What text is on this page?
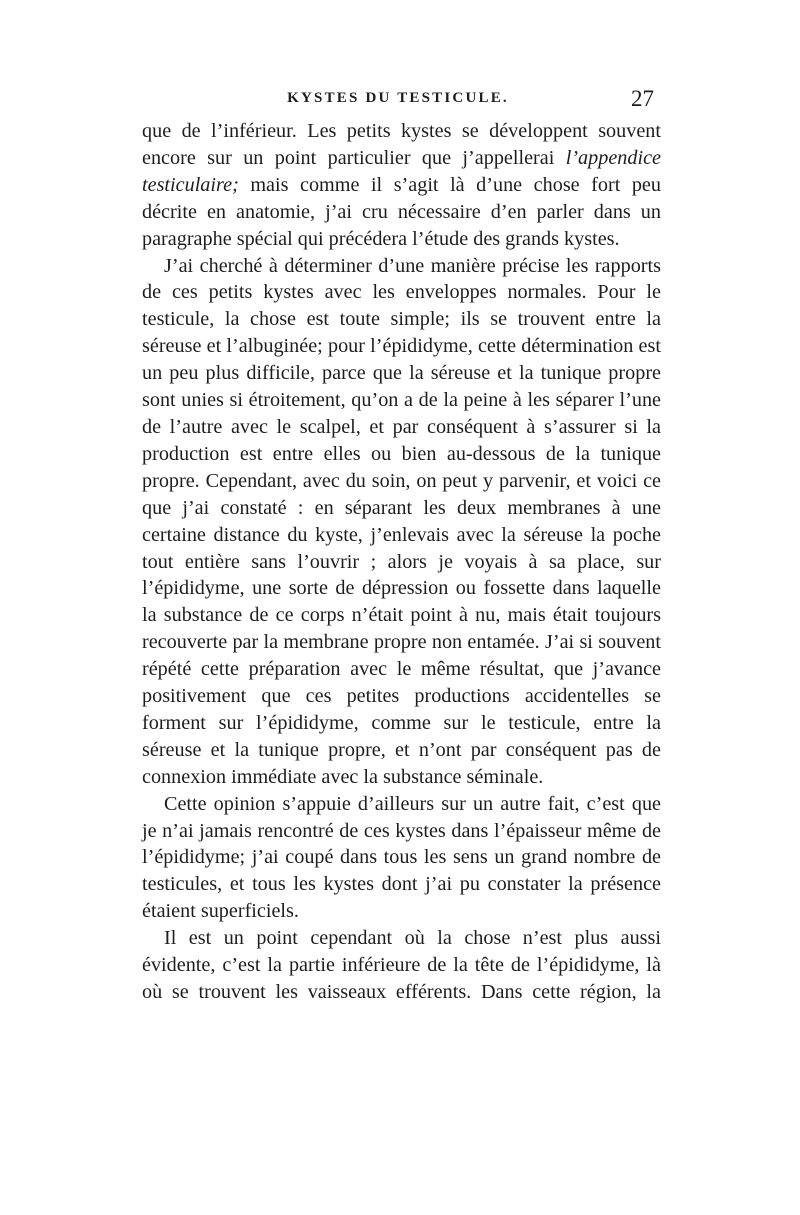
KYSTES DU TESTICULE.	27

que de l’inférieur. Les petits kystes se développent souvent encore sur un point particulier que j’appellerai l’appendice testiculaire; mais comme il s’agit là d’une chose fort peu décrite en anatomie, j’ai cru nécessaire d’en parler dans un paragraphe spécial qui précédera l’étude des grands kystes.

J’ai cherché à déterminer d’une manière précise les rapports de ces petits kystes avec les enveloppes normales. Pour le testicule, la chose est toute simple; ils se trouvent entre la séreuse et l’albuginée; pour l’épididyme, cette détermination est un peu plus difficile, parce que la séreuse et la tunique propre sont unies si étroitement, qu’on a de la peine à les séparer l’une de l’autre avec le scalpel, et par conséquent à s’assurer si la production est entre elles ou bien au-dessous de la tunique propre. Cependant, avec du soin, on peut y parvenir, et voici ce que j’ai constaté : en séparant les deux membranes à une certaine distance du kyste, j’enlevais avec la séreuse la poche tout entière sans l’ouvrir ; alors je voyais à sa place, sur l’épididyme, une sorte de dépression ou fossette dans laquelle la substance de ce corps n’était point à nu, mais était toujours recouverte par la membrane propre non entamée. J’ai si souvent répété cette préparation avec le même résultat, que j’avance positivement que ces petites productions accidentelles se forment sur l’épididyme, comme sur le testicule, entre la séreuse et la tunique propre, et n’ont par conséquent pas de connexion immédiate avec la substance séminale.

Cette opinion s’appuie d’ailleurs sur un autre fait, c’est que je n’ai jamais rencontré de ces kystes dans l’épaisseur même de l’épididyme; j’ai coupé dans tous les sens un grand nombre de testicules, et tous les kystes dont j’ai pu constater la présence étaient superficiels.

Il est un point cependant où la chose n’est plus aussi évidente, c’est la partie inférieure de la tête de l’épididyme, là où se trouvent les vaisseaux efférents. Dans cette région, la
